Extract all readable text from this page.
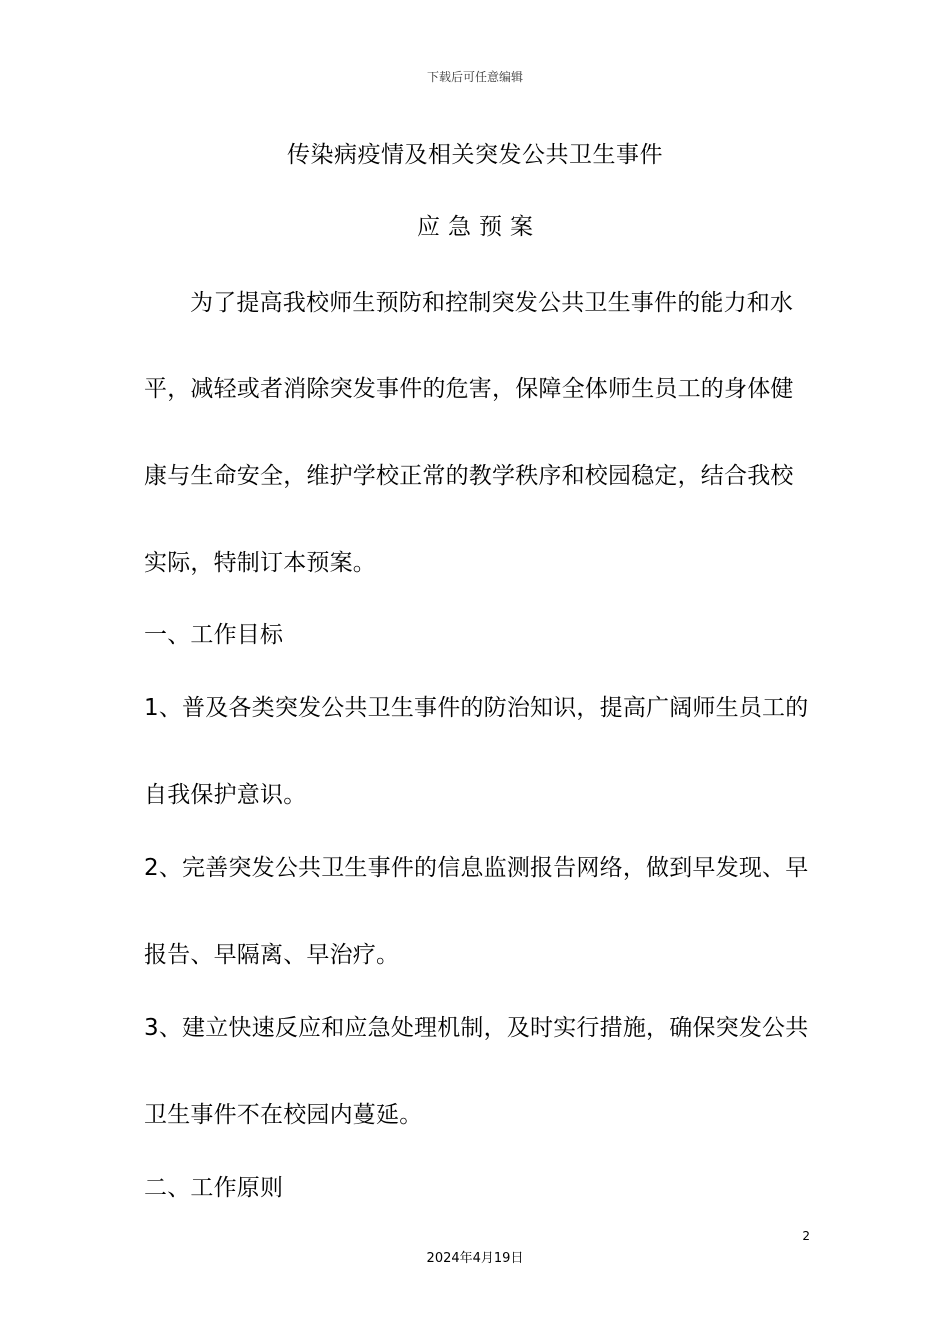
下载后可任意编辑
传染病疫情及相关突发公共卫生事件
应急预案
为了提高我校师生预防和控制突发公共卫生事件的能力和水
平，减轻或者消除突发事件的危害，保障全体师生员工的身体健
康与生命安全，维护学校正常的教学秩序和校园稳定，结合我校
实际，特制订本预案。
一、工作目标
1、普及各类突发公共卫生事件的防治知识，提高广阔师生员工的
自我保护意识。
2、完善突发公共卫生事件的信息监测报告网络，做到早发现、早
报告、早隔离、早治疗。
3、建立快速反应和应急处理机制，及时实行措施，确保突发公共
卫生事件不在校园内蔓延。
二、工作原则
2
2024年4月19日
